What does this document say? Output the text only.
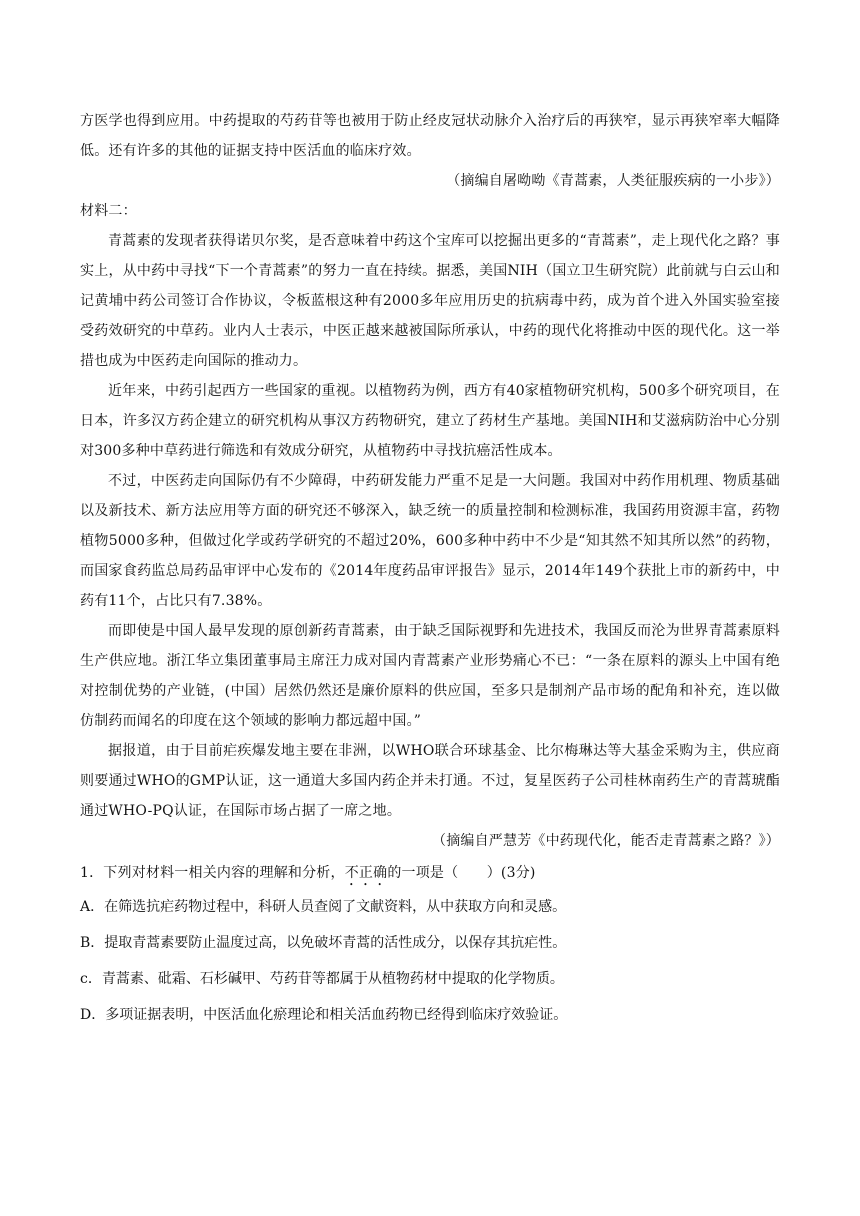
方医学也得到应用。中药提取的芍药苷等也被用于防止经皮冠状动脉介入治疗后的再狭窄，显示再狭窄率大幅降低。还有许多的其他的证据支持中医活血的临床疗效。

（摘编自屠呦呦《青蒿素，人类征服疾病的一小步》）

材料二：

青蒿素的发现者获得诺贝尔奖，是否意味着中药这个宝库可以挖掘出更多的“青蒿素”，走上现代化之路？事实上，从中药中寻找“下一个青蒿素”的努力一直在持续。据悉，美国NIH（国立卫生研究院）此前就与白云山和记黄埔中药公司签订合作协议，令板蓝根这种有2000多年应用历史的抗病毒中药，成为首个进入外国实验室接受药效研究的中草药。业内人士表示，中医正越来越被国际所承认，中药的现代化将推动中医的现代化。这一举措也成为中医药走向国际的推动力。

近年来，中药引起西方一些国家的重视。以植物药为例，西方有40家植物研究机构，500多个研究项目，在日本，许多汉方药企建立的研究机构从事汉方药物研究，建立了药材生产基地。美国NIH和艾滋病防治中心分别对300多种中草药进行筛选和有效成分研究，从植物药中寻找抗癌活性成本。

不过，中医药走向国际仍有不少障碍，中药研发能力严重不足是一大问题。我国对中药作用机理、物质基础以及新技术、新方法应用等方面的研究还不够深入，缺乏统一的质量控制和检测标准，我国药用资源丰富，药物植物5000多种，但做过化学或药学研究的不超过20%，600多种中药中不少是“知其然不知其所以然”的药物，而国家食药监总局药品审评中心发布的《2014年度药品审评报告》显示，2014年149个获批上市的新药中，中药有11个，占比只有7.38%。

而即使是中国人最早发现的原创新药青蒿素，由于缺乏国际视野和先进技术，我国反而沦为世界青蒿素原料生产供应地。浙江华立集团董事局主席汪力成对国内青蒿素产业形势痛心不已：“一条在原料的源头上中国有绝对控制优势的产业链，(中国）居然仍然还是廉价原料的供应国，至多只是制剂产品市场的配角和补充，连以做仿制药而闻名的印度在这个领域的影响力都远超中国。”

据报道，由于目前疟疾爆发地主要在非洲，以WHO联合环球基金、比尔梅琳达等大基金采购为主，供应商则要通过WHO的GMP认证，这一通道大多国内药企并未打通。不过，复星医药子公司桂林南药生产的青蒿琥酯通过WHO-PQ认证，在国际市场占据了一席之地。

（摘编自严慧芳《中药现代化，能否走青蒿素之路？》）

1．下列对材料一相关内容的理解和分析，不正确的一项是（　　）(3分)

A．在筛选抗疟药物过程中，科研人员查阅了文献资料，从中获取方向和灵感。

B．提取青蒿素要防止温度过高，以免破坏青蒿的活性成分，以保存其抗疟性。

c．青蒿素、砒霜、石杉碱甲、芍药苷等都属于从植物药材中提取的化学物质。

D．多项证据表明，中医活血化瘀理论和相关活血药物已经得到临床疗效验证。
